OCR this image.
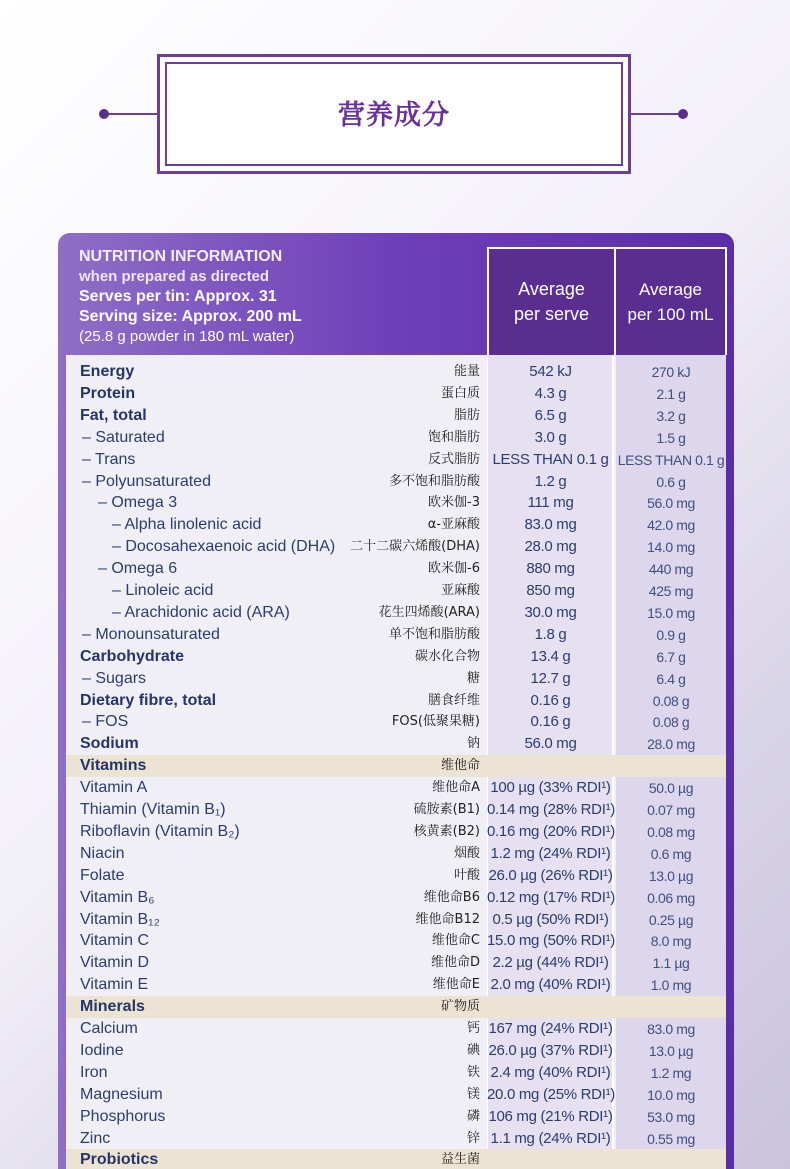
营养成分
NUTRITION INFORMATION
when prepared as directed
Serves per tin: Approx. 31
Serving size: Approx. 200 mL
(25.8 g powder in 180 mL water)
Average
per serve
Average
per 100 mL
Energy	能量	542 kJ	270 kJ
Protein	蛋白质	4.3 g	2.1 g
Fat, total	脂肪	6.5 g	3.2 g
– Saturated	饱和脂肪	3.0 g	1.5 g
– Trans	反式脂肪 LESS THAN 0.1 g LESS THAN 0.1 g
– Polyunsaturated	多不饱和脂肪酸	1.2 g	0.6 g
– Omega 3	欧米伽-3	111 mg	56.0 mg
– Alpha linolenic acid	α-亚麻酸	83.0 mg	42.0 mg
– Docosahexaenoic acid (DHA) 二十二碳六烯酸(DHA)	28.0 mg	14.0 mg
– Omega 6	欧米伽-6	880 mg	440 mg
– Linoleic acid	亚麻酸	850 mg	425 mg
– Arachidonic acid (ARA)	花生四烯酸(ARA)	30.0 mg	15.0 mg
– Monounsaturated	单不饱和脂肪酸	1.8 g	0.9 g
Carbohydrate	碳水化合物	13.4 g	6.7 g
– Sugars	糖	12.7 g	6.4 g
Dietary fibre, total	膳食纤维	0.16 g	0.08 g
– FOS	FOS(低聚果糖)	0.16 g	0.08 g
Sodium	钠	56.0 mg	28.0 mg
Vitamins	维他命
Vitamin A	维他命A 100 µg (33% RDI¹)	50.0 µg
Thiamin (Vitamin B₁)	硫胺素(B1) 0.14 mg (28% RDI¹)	0.07 mg
Riboflavin (Vitamin B₂)	核黄素(B2) 0.16 mg (20% RDI¹)	0.08 mg
Niacin	烟酸 1.2 mg (24% RDI¹)	0.6 mg
Folate	叶酸 26.0 µg (26% RDI¹)	13.0 µg
Vitamin B₆	维他命B6 0.12 mg (17% RDI¹)	0.06 mg
Vitamin B₁₂	维他命B12 0.5 µg (50% RDI¹)	0.25 µg
Vitamin C	维他命C 15.0 mg (50% RDI¹)	8.0 mg
Vitamin D	维他命D 2.2 µg (44% RDI¹)	1.1 µg
Vitamin E	维他命E 2.0 mg (40% RDI¹)	1.0 mg
Minerals	矿物质
Calcium	钙 167 mg (24% RDI¹)	83.0 mg
Iodine	碘 26.0 µg (37% RDI¹)	13.0 µg
Iron	铁 2.4 mg (40% RDI¹)	1.2 mg
Magnesium	镁 20.0 mg (25% RDI¹)	10.0 mg
Phosphorus	磷 106 mg (21% RDI¹)	53.0 mg
Zinc	锌 1.1 mg (24% RDI¹)	0.55 mg
Probiotics	益生菌
